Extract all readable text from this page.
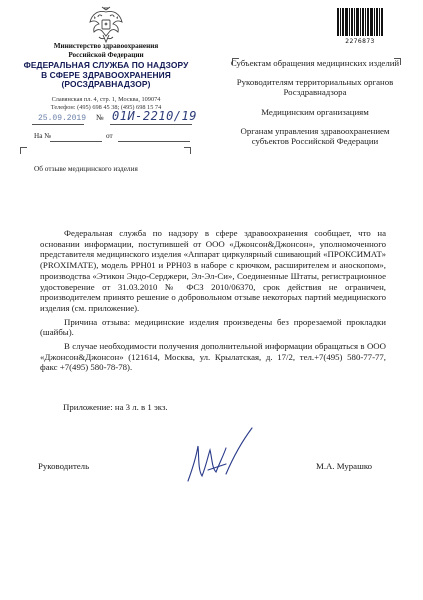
2276873
Министерство здравоохранения
Российской Федерации
ФЕДЕРАЛЬНАЯ СЛУЖБА ПО НАДЗОРУ
В СФЕРЕ ЗДРАВООХРАНЕНИЯ
(РОСЗДРАВНАДЗОР)
Славянская пл. 4, стр. 1, Москва, 109074
Телефон: (495) 698 45 38; (495) 698 15 74
25.09.2019 № 01И-2210/19
На №	от
Об отзыве медицинского изделия

Субъектам обращения медицинских изделий

Руководителям территориальных органов Росздравнадзора

Медицинским организациям

Органам управления здравоохранением субъектов Российской Федерации

Федеральная служба по надзору в сфере здравоохранения сообщает, что на основании информации, поступившей от ООО «Джонсон&Джонсон», уполномоченного представителя медицинского изделия «Аппарат циркулярный сшивающий «ПРОКСИМАТ» (PROXIMATE), модель PPH01 и PPH03 в наборе с крючком, расширителем и аноскопом», производства «Этикон Эндо-Серджери, Эл-Эл-Си», Соединенные Штаты, регистрационное удостоверение от 31.03.2010 № ФСЗ 2010/06370, срок действия не ограничен, производителем принято решение о добровольном отзыве некоторых партий медицинского изделия (см. приложение).

Причина отзыва: медицинские изделия произведены без прорезаемой прокладки (шайбы).

В случае необходимости получения дополнительной информации обращаться в ООО «Джонсон&Джонсон» (121614, Москва, ул. Крылатская, д. 17/2, тел.+7(495) 580-77-77, факс +7(495) 580-78-78).

Приложение: на 3 л. в 1 экз.
Руководитель	М.А. Мурашко
